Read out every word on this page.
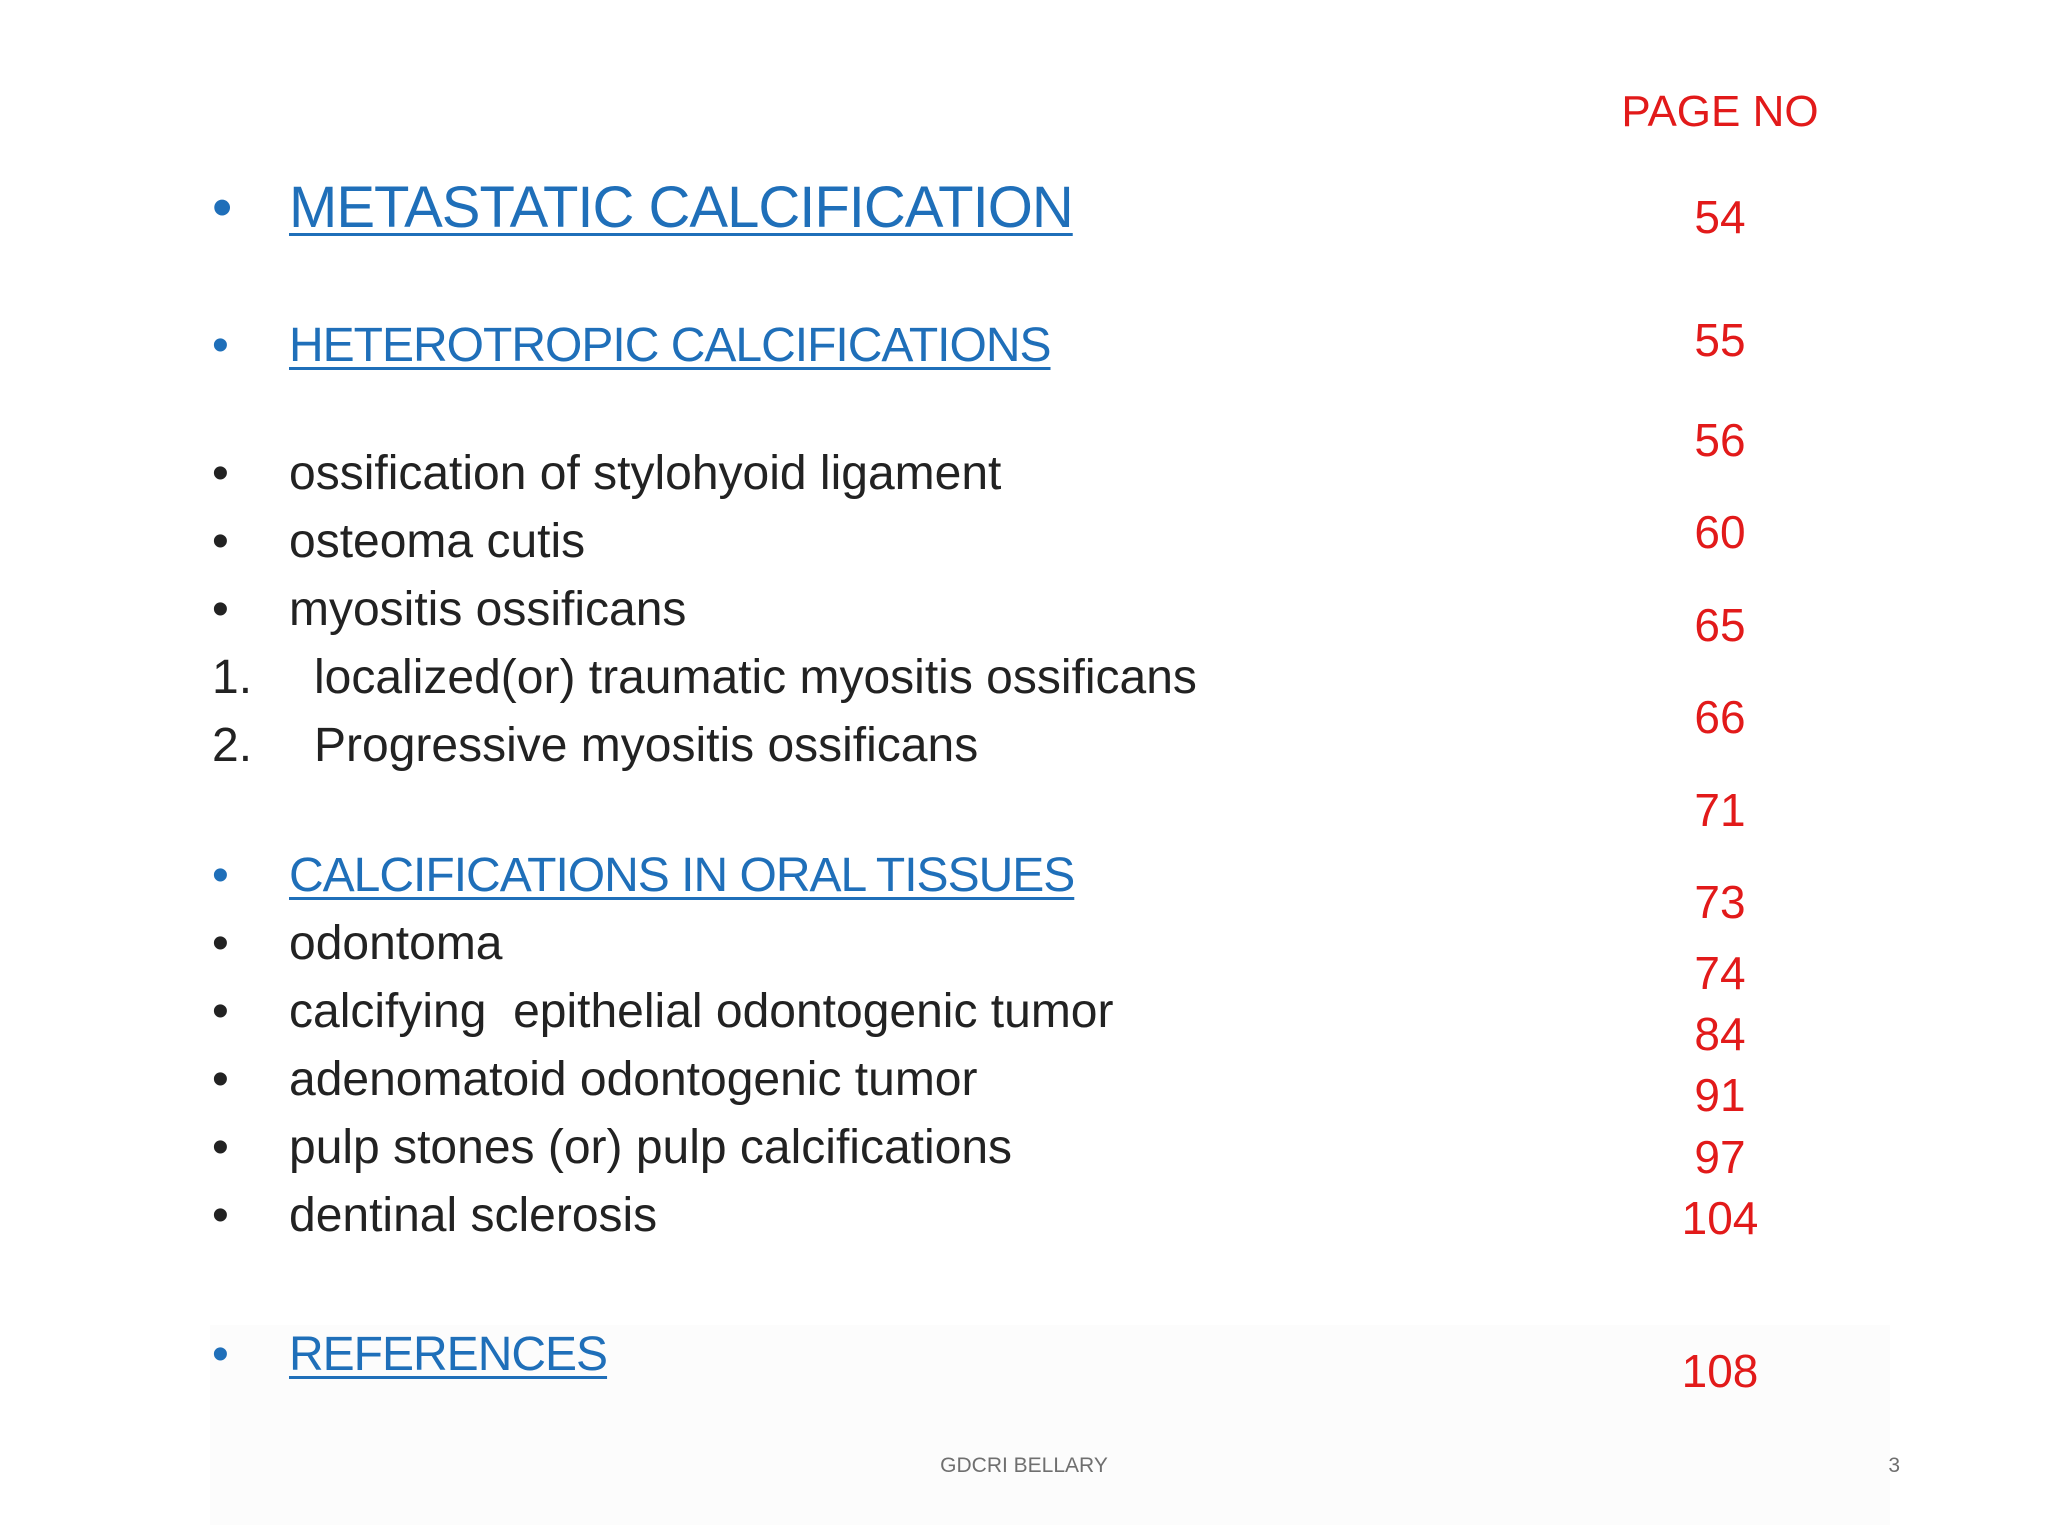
PAGE NO
• METASTATIC CALCIFICATION
• HETEROTROPIC CALCIFICATIONS
• ossification of stylohyoid ligament
• osteoma cutis
• myositis ossificans
1. localized(or) traumatic myositis ossificans
2. Progressive myositis ossificans
• CALCIFICATIONS IN ORAL TISSUES
• odontoma
• calcifying  epithelial odontogenic tumor
• adenomatoid odontogenic tumor
• pulp stones (or) pulp calcifications
• dentinal sclerosis
• REFERENCES
54
55
56
60
65
66
71
73
74
84
91
97
104
108
GDCRI BELLARY	3
